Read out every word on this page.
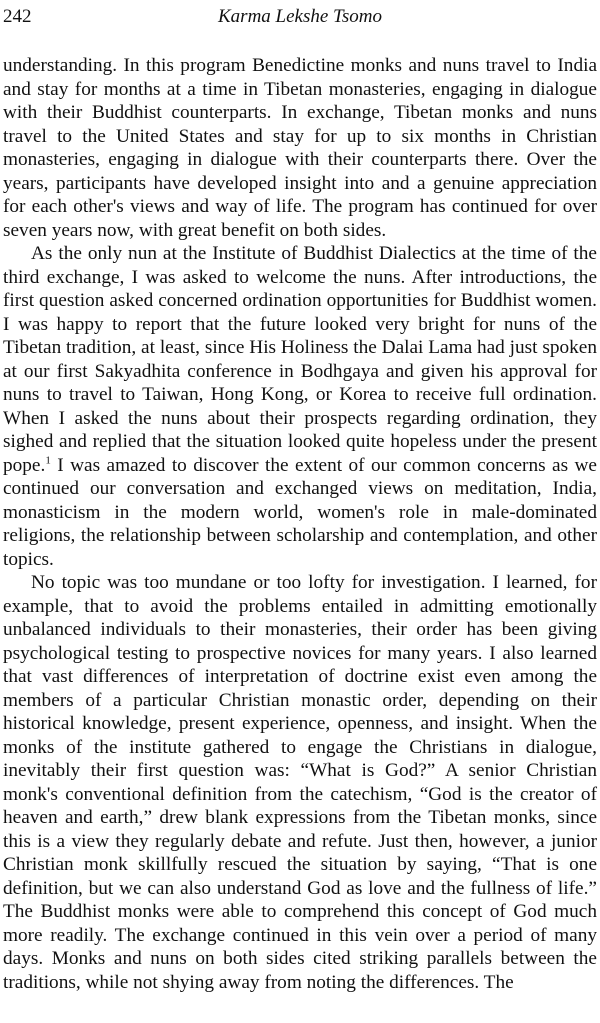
242	Karma Lekshe Tsomo

understanding. In this program Benedictine monks and nuns travel to India and stay for months at a time in Tibetan monasteries, engaging in dialogue with their Buddhist counterparts. In exchange, Tibetan monks and nuns travel to the United States and stay for up to six months in Christian monasteries, engaging in dialogue with their counterparts there. Over the years, participants have developed insight into and a genuine appreciation for each other's views and way of life. The program has continued for over seven years now, with great benefit on both sides.

As the only nun at the Institute of Buddhist Dialectics at the time of the third exchange, I was asked to welcome the nuns. After introductions, the first question asked concerned ordination opportunities for Buddhist women. I was happy to report that the future looked very bright for nuns of the Tibetan tradition, at least, since His Holiness the Dalai Lama had just spoken at our first Sakyadhita conference in Bodhgaya and given his approval for nuns to travel to Taiwan, Hong Kong, or Korea to receive full ordination. When I asked the nuns about their prospects regarding ordination, they sighed and replied that the situation looked quite hopeless under the present pope.$^1$ I was amazed to discover the extent of our common concerns as we continued our conversation and exchanged views on meditation, India, monasticism in the modern world, women's role in male-dominated religions, the relationship between scholarship and contemplation, and other topics.

No topic was too mundane or too lofty for investigation. I learned, for example, that to avoid the problems entailed in admitting emotionally unbalanced individuals to their monasteries, their order has been giving psychological testing to prospective novices for many years. I also learned that vast differences of interpretation of doctrine exist even among the members of a particular Christian monastic order, depending on their historical knowledge, present experience, openness, and insight. When the monks of the institute gathered to engage the Christians in dialogue, inevitably their first question was: “What is God?” A senior Christian monk's conventional definition from the catechism, “God is the creator of heaven and earth,” drew blank expressions from the Tibetan monks, since this is a view they regularly debate and refute. Just then, however, a junior Christian monk skillfully rescued the situation by saying, “That is one definition, but we can also understand God as love and the fullness of life.” The Buddhist monks were able to comprehend this concept of God much more readily. The exchange continued in this vein over a period of many days. Monks and nuns on both sides cited striking parallels between the traditions, while not shying away from noting the differences. The
